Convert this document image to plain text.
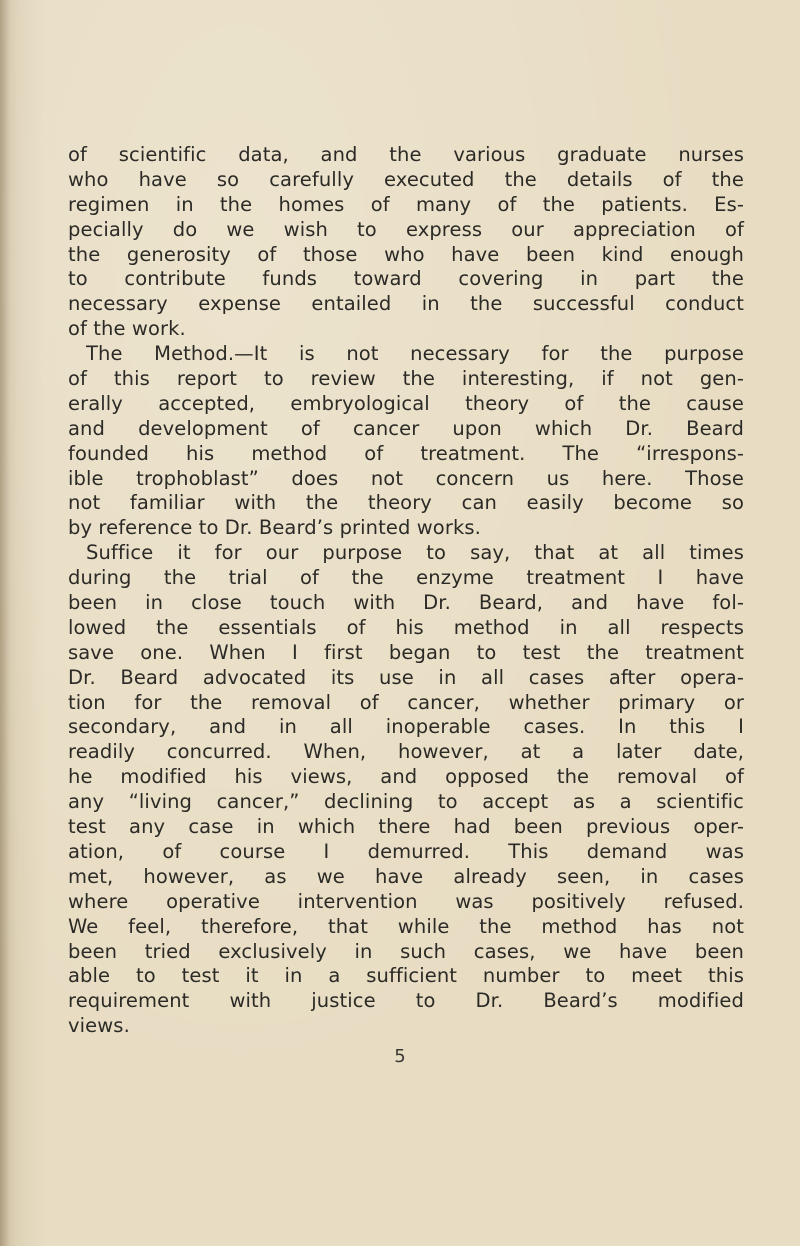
of scientific data, and the various graduate nurses
who have so carefully executed the details of the
regimen in the homes of many of the patients. Es-
pecially do we wish to express our appreciation of
the generosity of those who have been kind enough
to contribute funds toward covering in part the
necessary expense entailed in the successful conduct
of the work.
The Method.—It is not necessary for the purpose
of this report to review the interesting, if not gen-
erally accepted, embryological theory of the cause
and development of cancer upon which Dr. Beard
founded his method of treatment. The “irrespons-
ible trophoblast” does not concern us here. Those
not familiar with the theory can easily become so
by reference to Dr. Beard’s printed works.
Suffice it for our purpose to say, that at all times
during the trial of the enzyme treatment I have
been in close touch with Dr. Beard, and have fol-
lowed the essentials of his method in all respects
save one. When I first began to test the treatment
Dr. Beard advocated its use in all cases after opera-
tion for the removal of cancer, whether primary or
secondary, and in all inoperable cases. In this I
readily concurred. When, however, at a later date,
he modified his views, and opposed the removal of
any “living cancer,” declining to accept as a scientific
test any case in which there had been previous oper-
ation, of course I demurred. This demand was
met, however, as we have already seen, in cases
where operative intervention was positively refused.
We feel, therefore, that while the method has not
been tried exclusively in such cases, we have been
able to test it in a sufficient number to meet this
requirement with justice to Dr. Beard’s modified
views.
5
